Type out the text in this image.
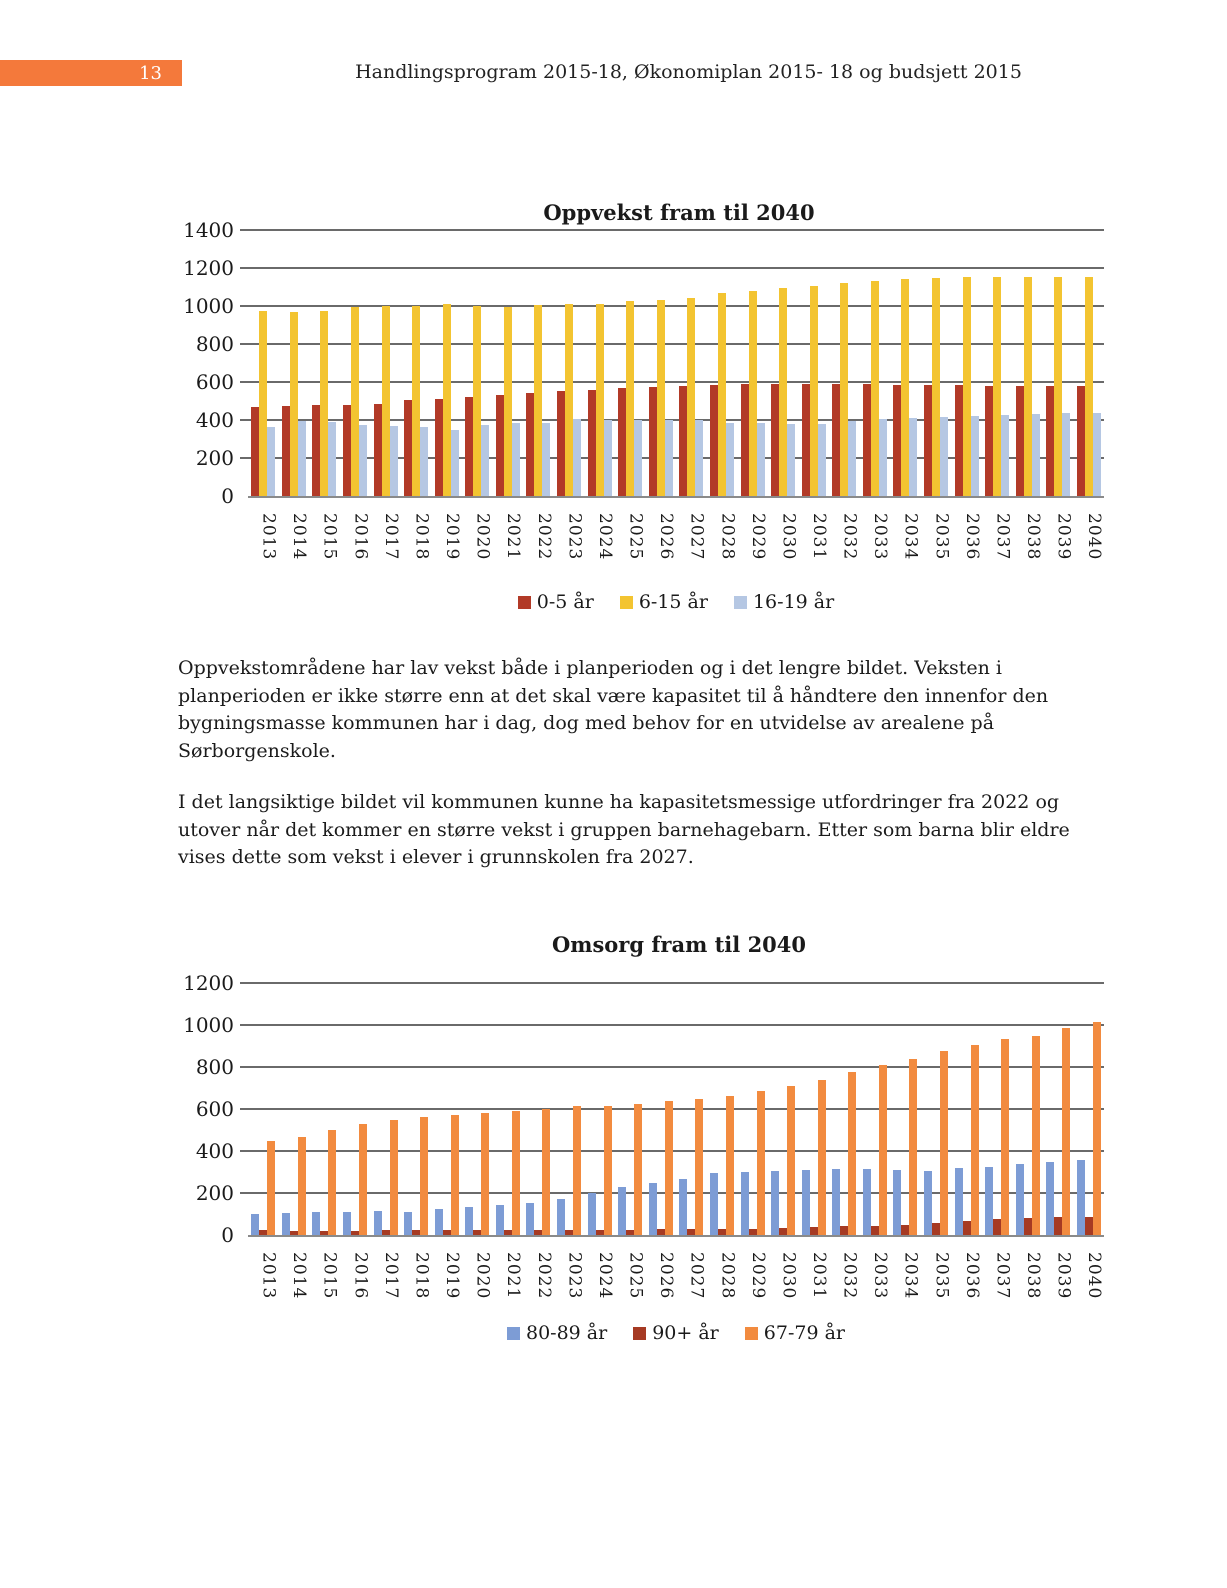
13	Handlingsprogram 2015-18, Økonomiplan 2015- 18 og budsjett 2015
Oppvekst fram til 2040
0
200
400
600
800
1000
1200
1400
2013 2014 2015 2016 2017 2018 2019 2020 2021 2022 2023 2024 2025 2026 2027 2028 2029 2030 2031 2032 2033 2034 2035 2036 2037 2038 2039 2040
0-5 år 6-15 år 16-19 år

Oppvekstområdene har lav vekst både i planperioden og i det lengre bildet. Veksten i planperioden er ikke større enn at det skal være kapasitet til å håndtere den innenfor den bygningsmasse kommunen har i dag, dog med behov for en utvidelse av arealene på Sørborgenskole.

I det langsiktige bildet vil kommunen kunne ha kapasitetsmessige utfordringer fra 2022 og utover når det kommer en større vekst i gruppen barnehagebarn. Etter som barna blir eldre vises dette som vekst i elever i grunnskolen fra 2027.

Omsorg fram til 2040
0
200
400
600
800
1000
1200
2013 2014 2015 2016 2017 2018 2019 2020 2021 2022 2023 2024 2025 2026 2027 2028 2029 2030 2031 2032 2033 2034 2035 2036 2037 2038 2039 2040
80-89 år 90+ år 67-79 år
